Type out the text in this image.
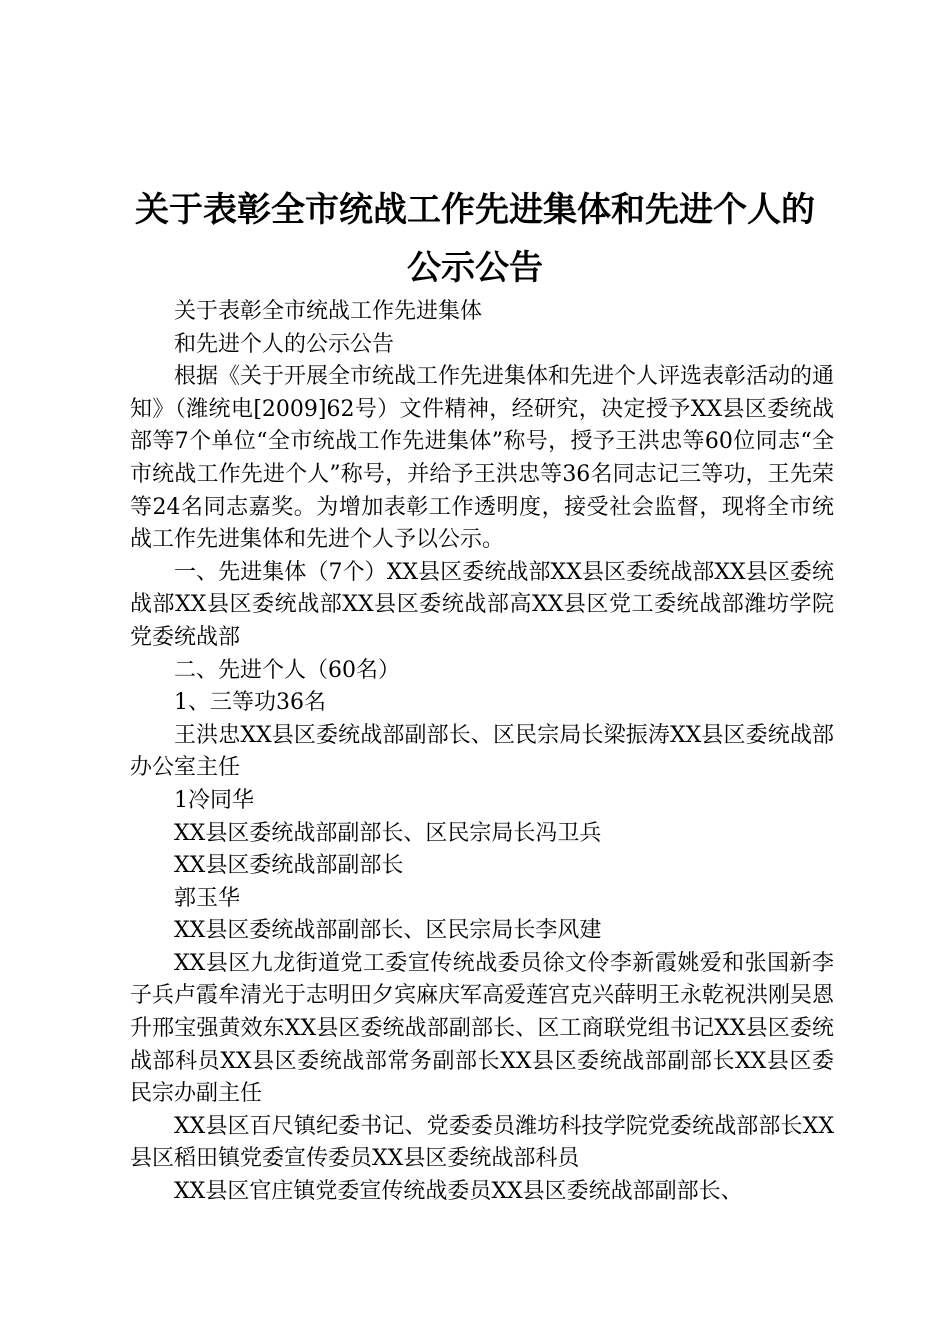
关于表彰全市统战工作先进集体和先进个人的
公示公告

关于表彰全市统战工作先进集体

和先进个人的公示公告

根据《关于开展全市统战工作先进集体和先进个人评选表彰活动的通知》（潍统电[2009]62号）文件精神，经研究，决定授予XX县区委统战部等7个单位“全市统战工作先进集体”称号，授予王洪忠等60位同志“全市统战工作先进个人”称号，并给予王洪忠等36名同志记三等功，王先荣等24名同志嘉奖。为增加表彰工作透明度，接受社会监督，现将全市统战工作先进集体和先进个人予以公示。

一、先进集体（7个）XX县区委统战部XX县区委统战部XX县区委统战部XX县区委统战部XX县区委统战部高XX县区党工委统战部潍坊学院党委统战部

二、先进个人（60名）

1、三等功36名

王洪忠XX县区委统战部副部长、区民宗局长梁振涛XX县区委统战部办公室主任

1冷同华

XX县区委统战部副部长、区民宗局长冯卫兵

XX县区委统战部副部长

郭玉华

XX县区委统战部副部长、区民宗局长李风建

XX县区九龙街道党工委宣传统战委员徐文伶李新霞姚爱和张国新李子兵卢霞牟清光于志明田夕宾麻庆军高爱莲宫克兴薛明王永乾祝洪刚吴恩升邢宝强黄效东XX县区委统战部副部长、区工商联党组书记XX县区委统战部科员XX县区委统战部常务副部长XX县区委统战部副部长XX县区委民宗办副主任

XX县区百尺镇纪委书记、党委委员潍坊科技学院党委统战部部长XX县区稻田镇党委宣传委员XX县区委统战部科员

XX县区官庄镇党委宣传统战委员XX县区委统战部副部长、
